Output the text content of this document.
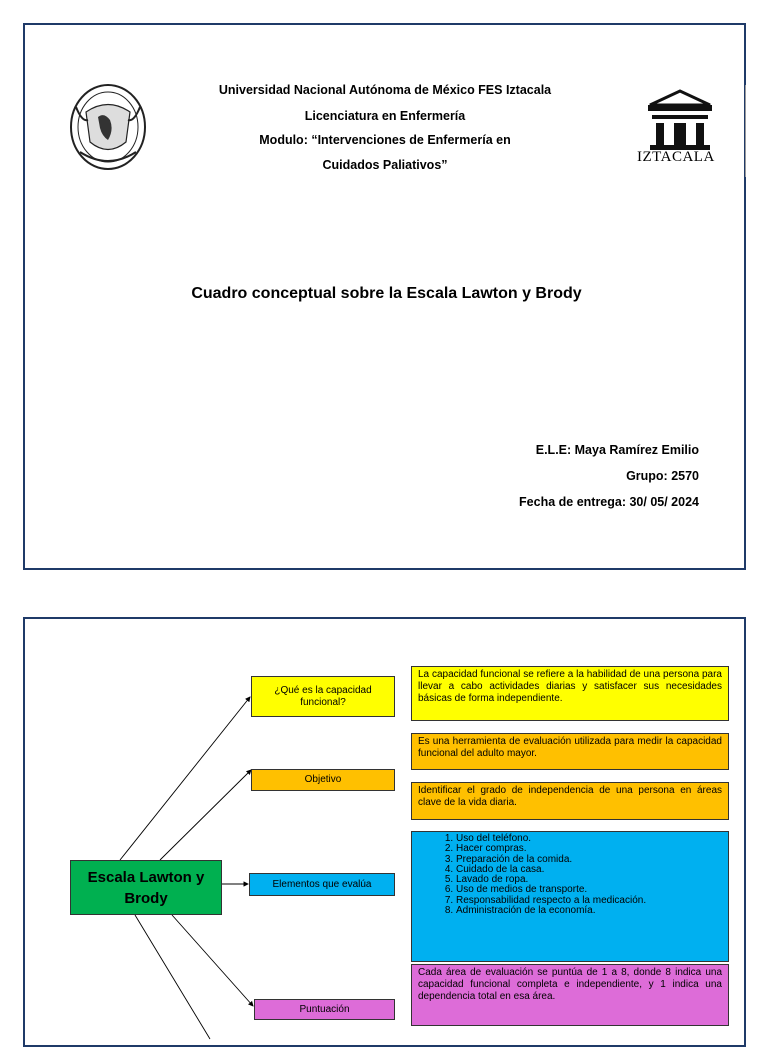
Universidad Nacional Autónoma de México FES Iztacala
Licenciatura en Enfermería
Modulo: “Intervenciones de Enfermería en
Cuidados Paliativos”	IZTACALA
Cuadro conceptual sobre la Escala Lawton y Brody
E.L.E: Maya Ramírez Emilio
Grupo: 2570
Fecha de entrega: 30/ 05/ 2024
Escala Lawton y Brody
¿Qué es la capacidad funcional?
Objetivo
Elementos que evalúa
Puntuación
La capacidad funcional se refiere a la habilidad de una persona para llevar a cabo actividades diarias y satisfacer sus necesidades básicas de forma independiente.
Es una herramienta de evaluación utilizada para medir la capacidad funcional del adulto mayor.
Identificar el grado de independencia de una persona en áreas clave de la vida diaria.
1. Uso del teléfono.
2. Hacer compras.
3. Preparación de la comida.
4. Cuidado de la casa.
5. Lavado de ropa.
6. Uso de medios de transporte.
7. Responsabilidad respecto a la medicación.
8. Administración de la economía.
Cada área de evaluación se puntúa de 1 a 8, donde 8 indica una capacidad funcional completa e independiente, y 1 indica una dependencia total en esa área.
